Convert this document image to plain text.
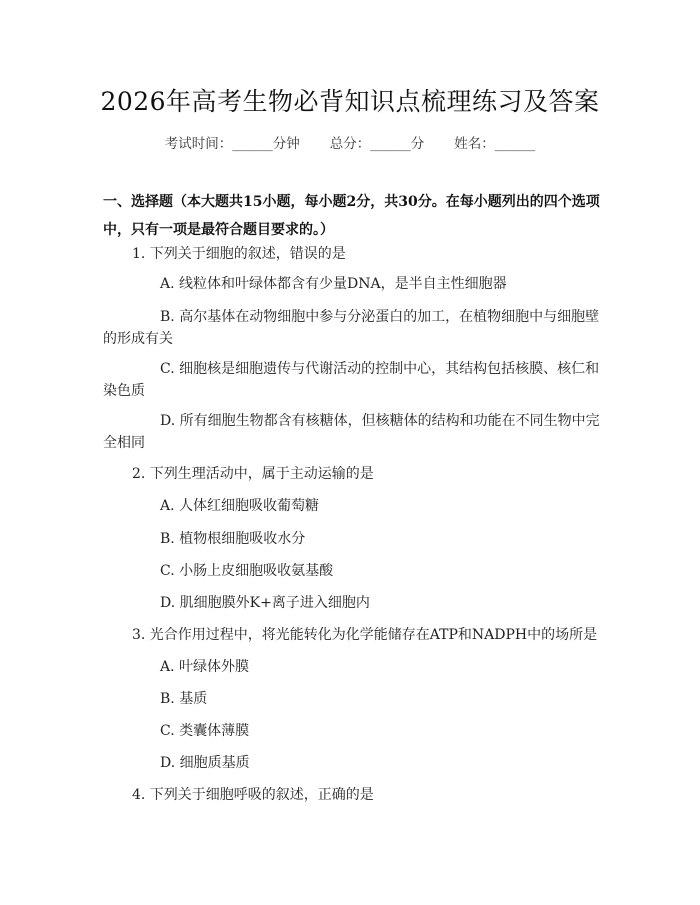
2026年高考生物必背知识点梳理练习及答案
考试时间：______分钟 总分：______分 姓名：______
一、选择题（本大题共15小题，每小题2分，共30分。在每小题列出的四个选项中，只有一项是最符合题目要求的。）
1. 下列关于细胞的叙述，错误的是
A. 线粒体和叶绿体都含有少量DNA，是半自主性细胞器
B. 高尔基体在动物细胞中参与分泌蛋白的加工，在植物细胞中与细胞壁
的形成有关
C. 细胞核是细胞遗传与代谢活动的控制中心，其结构包括核膜、核仁和
染色质
D. 所有细胞生物都含有核糖体，但核糖体的结构和功能在不同生物中完
全相同
2. 下列生理活动中，属于主动运输的是
A. 人体红细胞吸收葡萄糖
B. 植物根细胞吸收水分
C. 小肠上皮细胞吸收氨基酸
D. 肌细胞膜外K+离子进入细胞内
3. 光合作用过程中，将光能转化为化学能储存在ATP和NADPH中的场所是
A. 叶绿体外膜
B. 基质
C. 类囊体薄膜
D. 细胞质基质
4. 下列关于细胞呼吸的叙述，正确的是
